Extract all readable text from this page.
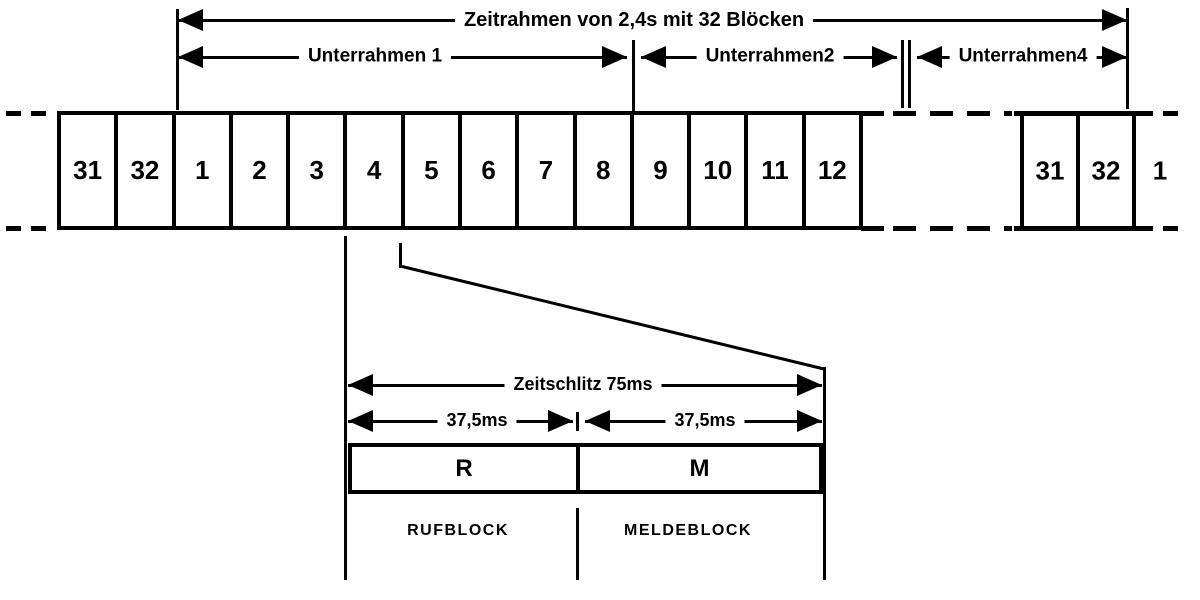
Zeitrahmen von 2,4s mit 32 Blöcken
Unterrahmen 1	Unterrahmen2	Unterrahmen4
31	32	1	2	3	4	5	6	7	8	9	10	11	12	31 32 1
Zeitschlitz 75ms
37,5ms	37,5ms
R	M
RUFBLOCK	MELDEBLOCK
